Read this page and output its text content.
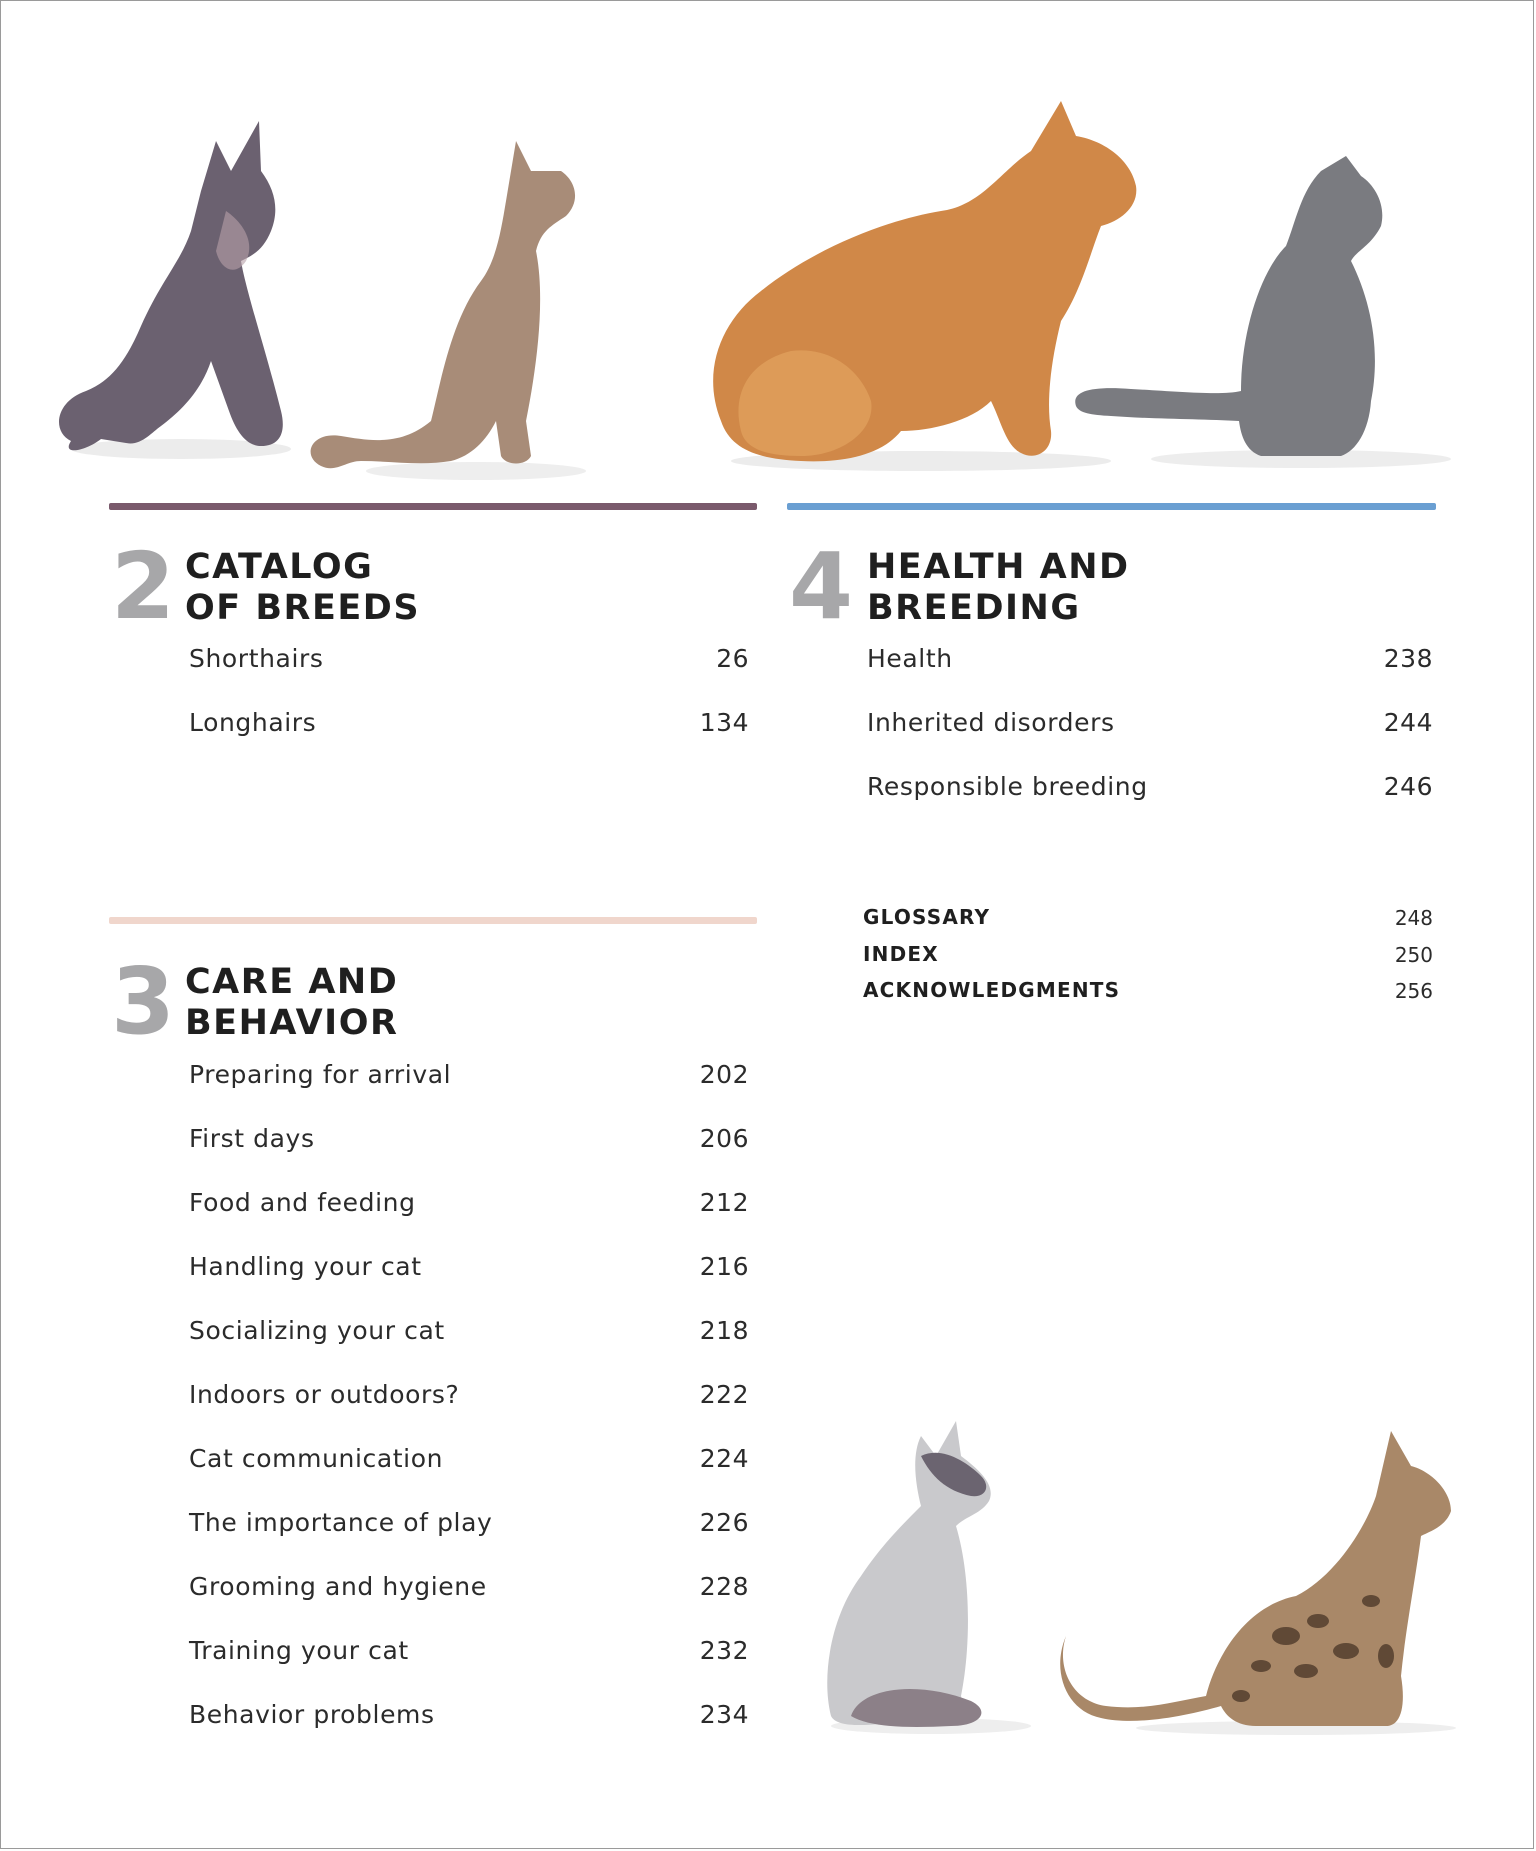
2 CATALOG
OF BREEDS
Shorthairs	26
Longhairs	134
4 HEALTH AND
BREEDING
Health	238
Inherited disorders	244
Responsible breeding	246
GLOSSARY	248
INDEX	250
ACKNOWLEDGMENTS	256
3 CARE AND
BEHAVIOR
Preparing for arrival	202
First days	206
Food and feeding	212
Handling your cat	216
Socializing your cat	218
Indoors or outdoors?	222
Cat communication	224
The importance of play	226
Grooming and hygiene	228
Training your cat	232
Behavior problems	234
